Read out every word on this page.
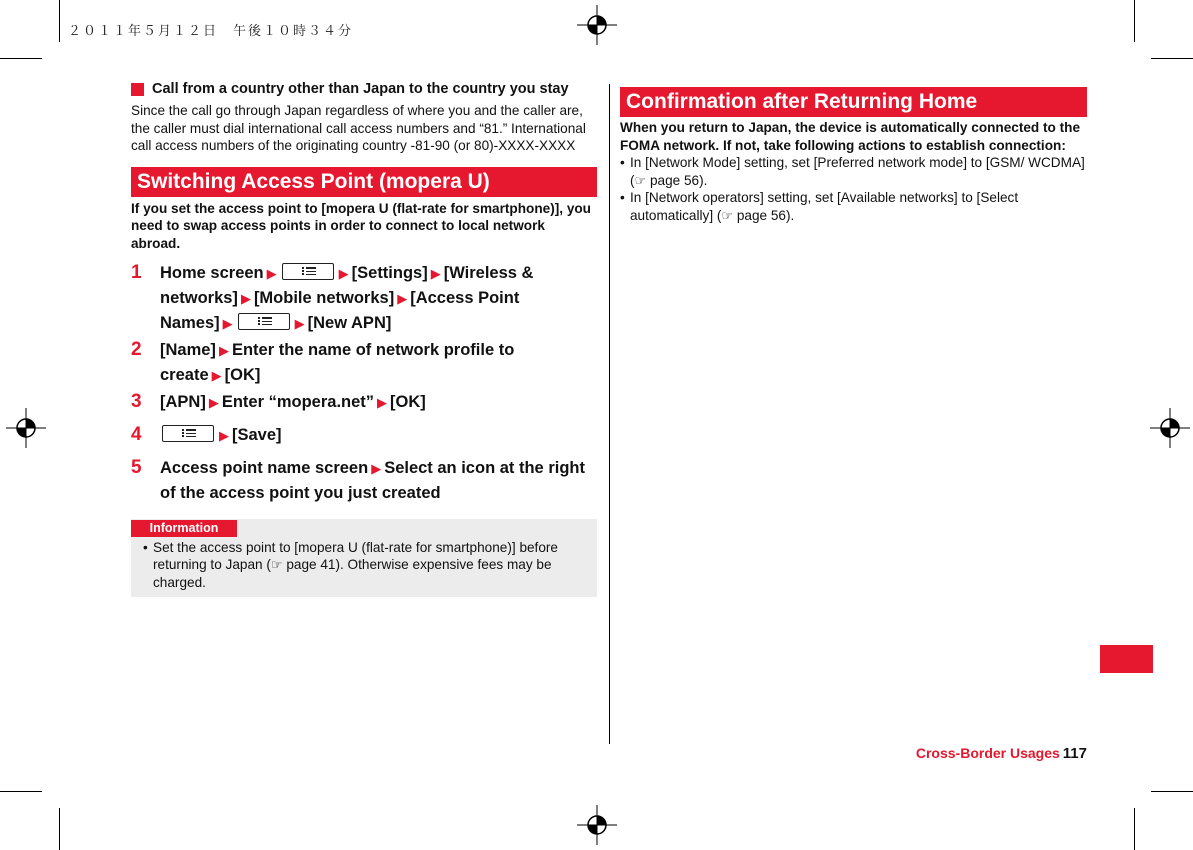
２０１１年５月１２日　午後１０時３４分
Call from a country other than Japan to the country you stay

Since the call go through Japan regardless of where you and the caller are, the caller must dial international call access numbers and “81.” International call access numbers of the originating country -81-90 (or 80)-XXXX-XXXX

Switching Access Point (mopera U)

If you set the access point to [mopera U (flat-rate for smartphone)], you need to swap access points in order to connect to local network abroad.

1	Home screen ▶	▶ [Settings] ▶ [Wireless & networks] ▶ [Mobile networks] ▶ [Access Point Names] ▶	▶ [New APN]
2	[Name] ▶ Enter the name of network profile to create ▶ [OK]
3	[APN] ▶ Enter “mopera.net” ▶ [OK]
4	▶ [Save]
5	Access point name screen ▶ Select an icon at the right of the access point you just created
Information
• Set the access point to [mopera U (flat-rate for smartphone)] before returning to Japan (☞ page 41). Otherwise expensive fees may be charged.
Confirmation after Returning Home

When you return to Japan, the device is automatically connected to the FOMA network. If not, take following actions to establish connection:

• In [Network Mode] setting, set [Preferred network mode] to [GSM/ WCDMA] (☞ page 56).
• In [Network operators] setting, set [Available networks] to [Select automatically] (☞ page 56).
Cross-Border Usages 117
